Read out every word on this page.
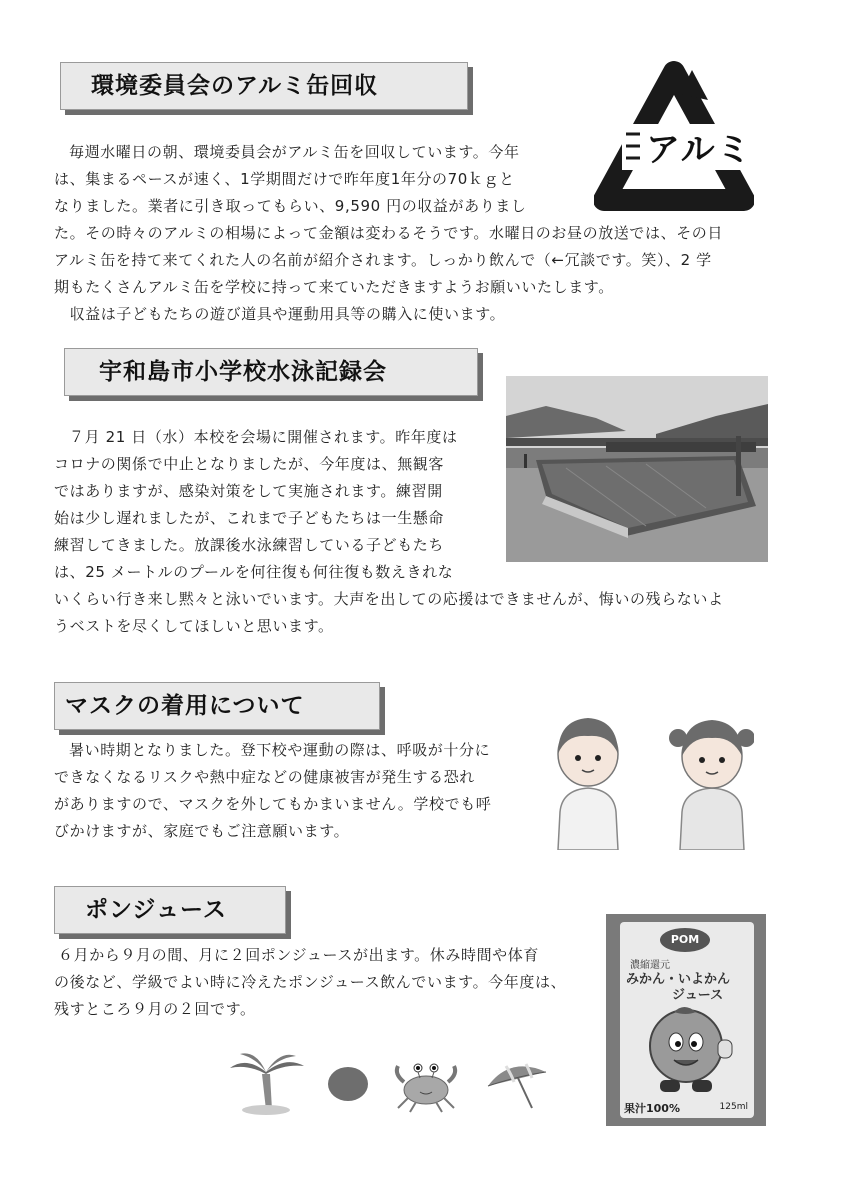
環境委員会のアルミ缶回収
アルミ

毎週水曜日の朝、環境委員会がアルミ缶を回収しています。今年

は、集まるペースが速く、1学期間だけで昨年度1年分の70ｋｇと

なりました。業者に引き取ってもらい、9,590 円の収益がありまし

た。その時々のアルミの相場によって金額は変わるそうです。水曜日のお昼の放送では、その日

アルミ缶を持て来てくれた人の名前が紹介されます。しっかり飲んで（←冗談です。笑）、2 学

期もたくさんアルミ缶を学校に持って来ていただきますようお願いいたします。

　収益は子どもたちの遊び道具や運動用具等の購入に使います。

宇和島市小学校水泳記録会

７月 21 日（水）本校を会場に開催されます。昨年度は

コロナの関係で中止となりましたが、今年度は、無観客

ではありますが、感染対策をして実施されます。練習開

始は少し遅れましたが、これまで子どもたちは一生懸命

練習してきました。放課後水泳練習している子どもたち

は、25 メートルのプールを何往復も何往復も数えきれな

いくらい行き来し黙々と泳いでいます。大声を出しての応援はできませんが、悔いの残らないよ

うベストを尽くしてほしいと思います。

マスクの着用について

暑い時期となりました。登下校や運動の際は、呼吸が十分に

できなくなるリスクや熱中症などの健康被害が発生する恐れ

がありますので、マスクを外してもかまいません。学校でも呼

びかけますが、家庭でもご注意願います。

ポンジュース

６月から９月の間、月に２回ポンジュースが出ます。休み時間や体育

の後など、学級でよい時に冷えたポンジュース飲んでいます。今年度は、

残すところ９月の２回です。

POM
濃縮還元
みかん・いよかん
ジュース
果汁100%	125ml
